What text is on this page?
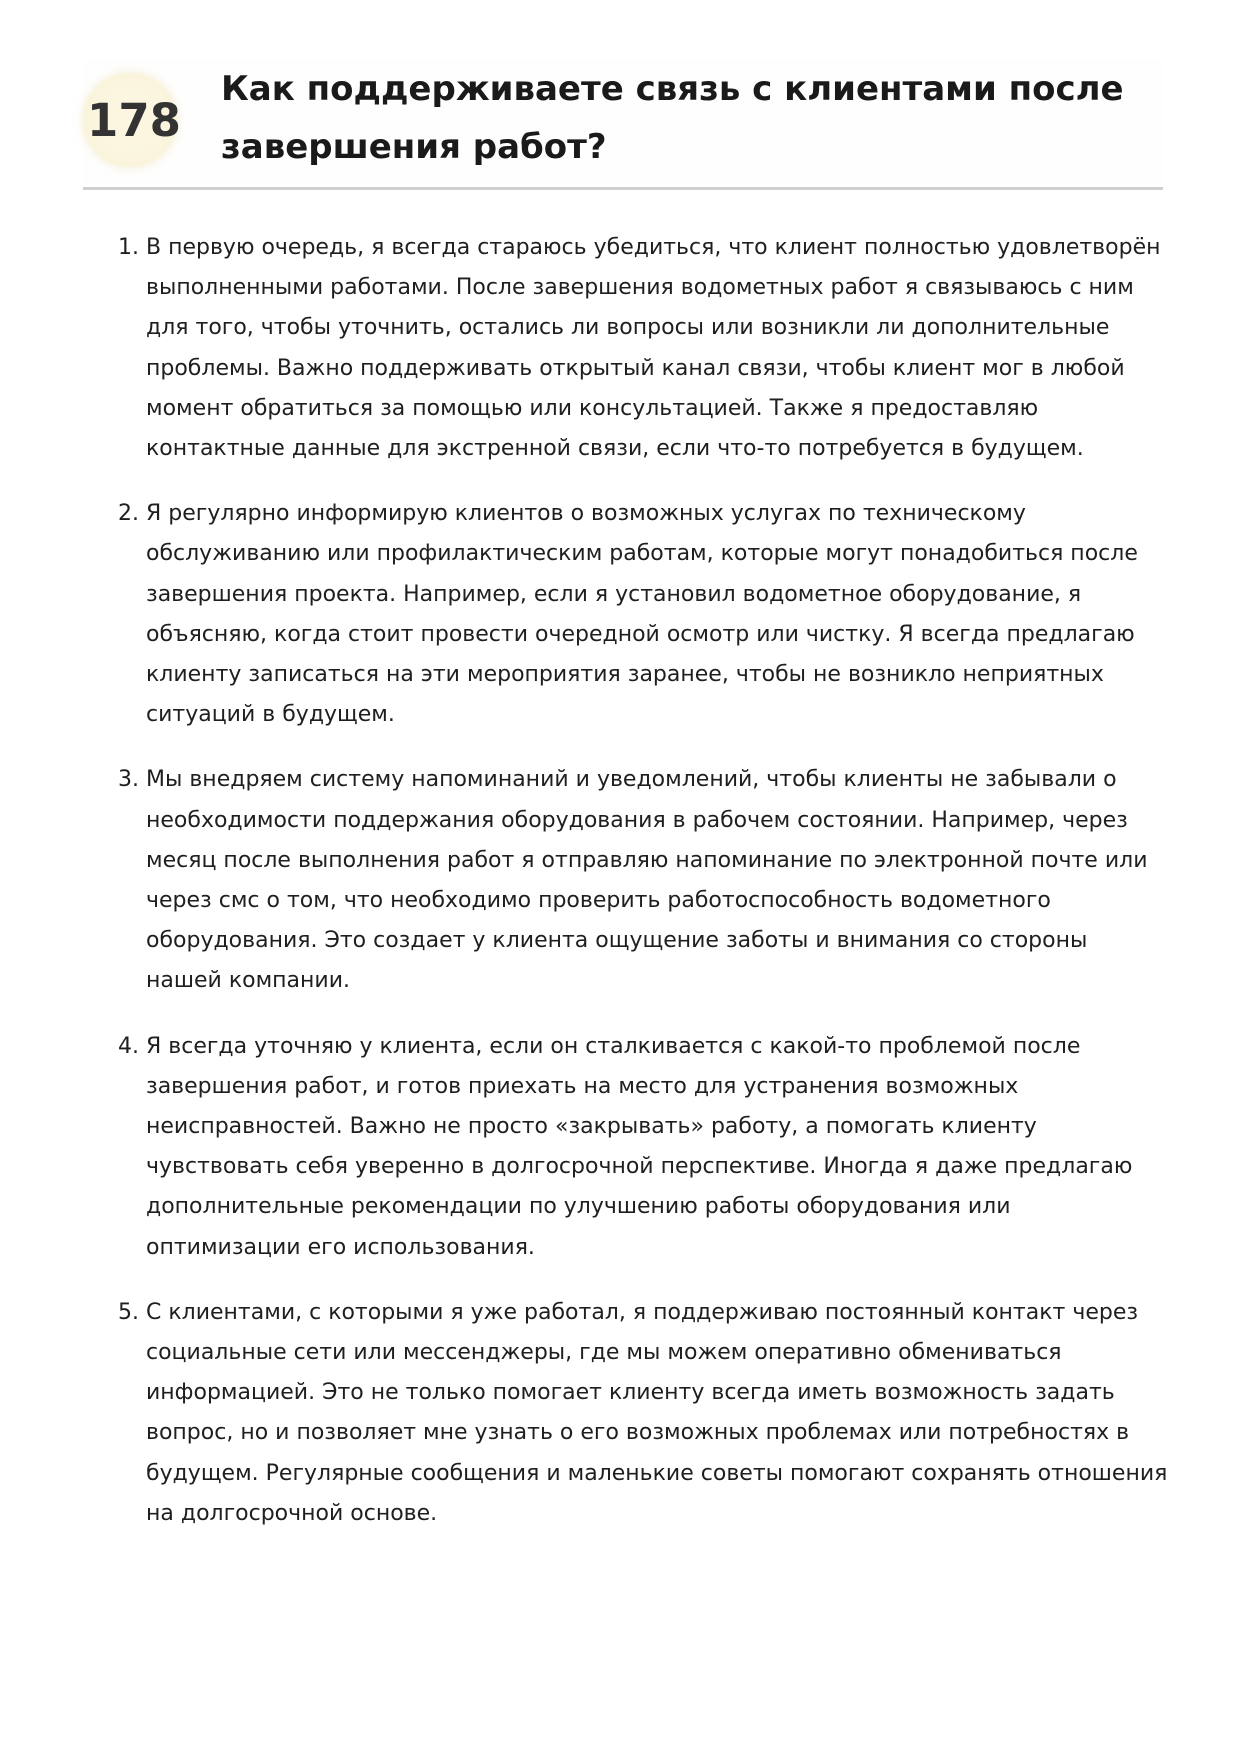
178
Как поддерживаете связь с клиентами после завершения работ?
1. В первую очередь, я всегда стараюсь убедиться, что клиент полностью удовлетворён выполненными работами. После завершения водометных работ я связываюсь с ним для того, чтобы уточнить, остались ли вопросы или возникли ли дополнительные проблемы. Важно поддерживать открытый канал связи, чтобы клиент мог в любой момент обратиться за помощью или консультацией. Также я предоставляю контактные данные для экстренной связи, если что-то потребуется в будущем.
2. Я регулярно информирую клиентов о возможных услугах по техническому обслуживанию или профилактическим работам, которые могут понадобиться после завершения проекта. Например, если я установил водометное оборудование, я объясняю, когда стоит провести очередной осмотр или чистку. Я всегда предлагаю клиенту записаться на эти мероприятия заранее, чтобы не возникло неприятных ситуаций в будущем.
3. Мы внедряем систему напоминаний и уведомлений, чтобы клиенты не забывали о необходимости поддержания оборудования в рабочем состоянии. Например, через месяц после выполнения работ я отправляю напоминание по электронной почте или через смс о том, что необходимо проверить работоспособность водометного оборудования. Это создает у клиента ощущение заботы и внимания со стороны нашей компании.
4. Я всегда уточняю у клиента, если он сталкивается с какой-то проблемой после завершения работ, и готов приехать на место для устранения возможных неисправностей. Важно не просто «закрывать» работу, а помогать клиенту чувствовать себя уверенно в долгосрочной перспективе. Иногда я даже предлагаю дополнительные рекомендации по улучшению работы оборудования или оптимизации его использования.
5. С клиентами, с которыми я уже работал, я поддерживаю постоянный контакт через социальные сети или мессенджеры, где мы можем оперативно обмениваться информацией. Это не только помогает клиенту всегда иметь возможность задать вопрос, но и позволяет мне узнать о его возможных проблемах или потребностях в будущем. Регулярные сообщения и маленькие советы помогают сохранять отношения на долгосрочной основе.
